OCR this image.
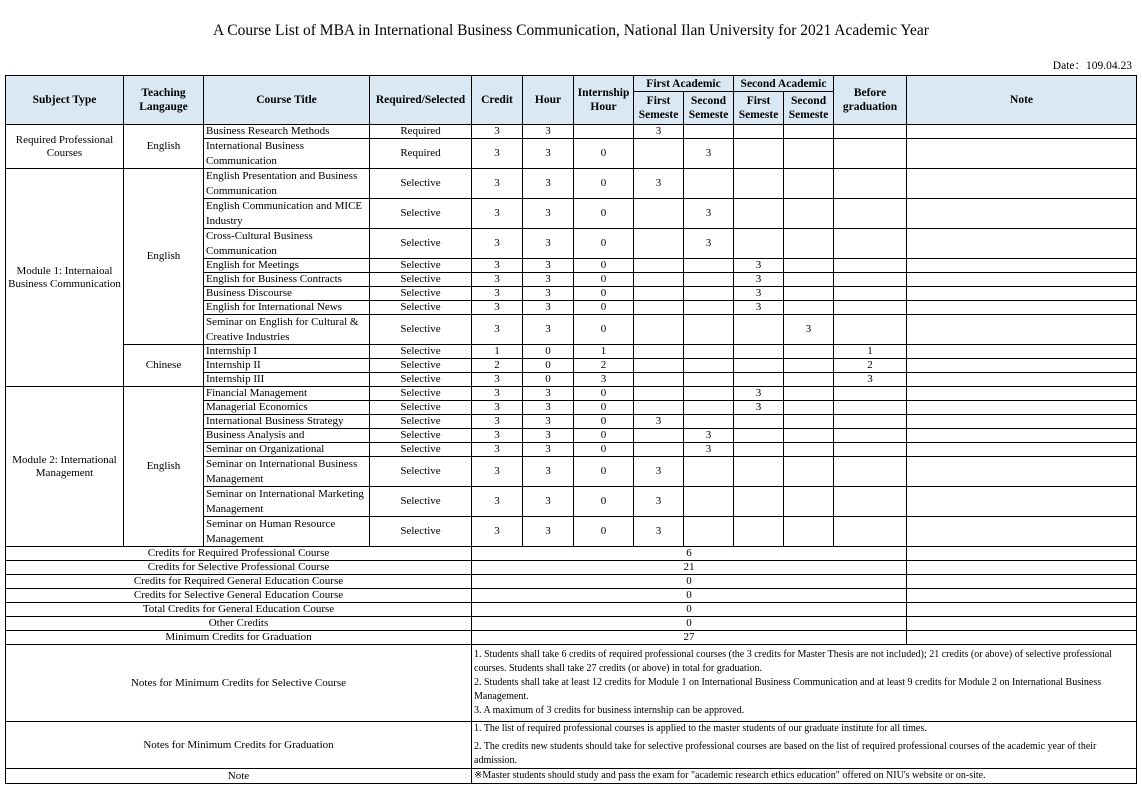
A Course List of MBA in International Business Communication, National Ilan University for 2021 Academic Year
Date：109.04.23
Subject Type	Teaching Langauge	Course Title	Required/Selected	Credit	Hour	Internship Hour	First Academic		Second Academic		Before graduation	Note
							First Semeste	Second Semeste	First Semeste	Second Semeste		
Required Professional Courses	English	Business Research Methods	Required	3	3		3					
		International Business Communication	Required	3	3	0		3				
Module 1: Internaioal Business Communication	English	English Presentation and Business Communication	Selective	3	3	0	3					
		English Communication and MICE Industry	Selective	3	3	0		3				
		Cross-Cultural Business Communication	Selective	3	3	0		3				
		English for Meetings	Selective	3	3	0			3			
		English for Business Contracts	Selective	3	3	0			3			
		Business Discourse	Selective	3	3	0			3			
		English for International News	Selective	3	3	0			3			
		Seminar on English for Cultural & Creative Industries	Selective	3	3	0				3		
	Chinese	Internship I	Selective	1	0	1					1	
		Internship II	Selective	2	0	2					2	
		Internship III	Selective	3	0	3					3	
Module 2: International Management	English	Financial Management	Selective	3	3	0			3			
		Managerial Economics	Selective	3	3	0			3			
		International Business Strategy	Selective	3	3	0	3					
		Business Analysis and	Selective	3	3	0		3				
		Seminar on Organizational	Selective	3	3	0		3				
		Seminar on International Business Management	Selective	3	3	0	3					
		Seminar on International Marketing Management	Selective	3	3	0	3					
		Seminar on Human Resource Management	Selective	3	3	0	3					
Credits for Required Professional Course				6								
Credits for Selective Professional Course				21								
Credits for Required General Education Course				0								
Credits for Selective General Education Course				0								
Total Credits for General Education Course				0								
Other Credits				0								
Minimum Credits for Graduation				27								
Notes for Minimum Credits for Selective Course				1. Students shall take 6 credits of required professional courses (the 3 credits for Master Thesis are not included); 21 credits (or above) of selective professional courses. Students shall take 27 credits (or above) in total for graduation.
2. Students shall take at least 12 credits for Module 1 on International Business Communication and at least 9 credits for Module 2 on International Business Management.
3. A maximum of 3 credits for business internship can be approved.								

Notes for Minimum Credits for Graduation				1. The list of required professional courses is applied to the master students of our graduate institute for all times.
2. The credits new students should take for selective professional courses are based on the list of required professional courses of the academic year of their admission.								

Note				※Master students should study and pass the exam for "academic research ethics education" offered on NIU's website or on-site.								
